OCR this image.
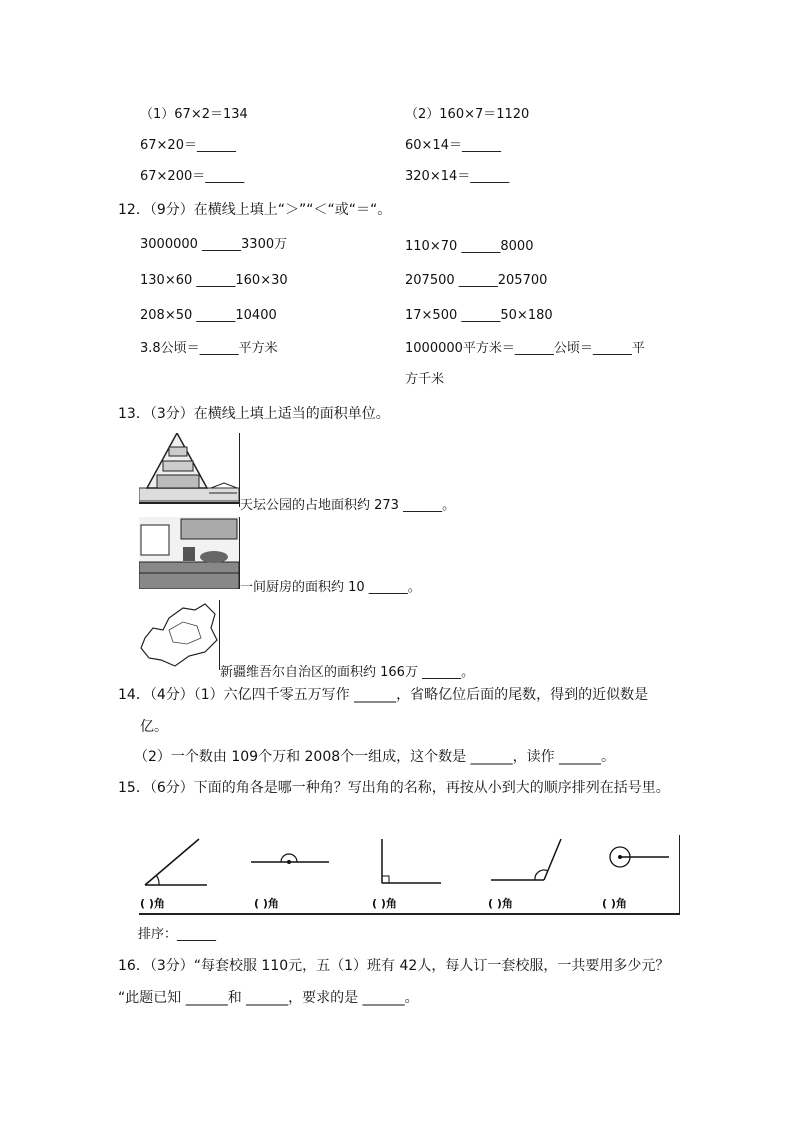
（1）67×2＝134
67×20＝______
67×200＝______
（2）160×7＝1120
60×14＝______
320×14＝______
12．（9分）在横线上填上“＞”“＜“或“＝“。
3000000 ______3300万	110×70 ______8000
130×60 ______160×30	207500 ______205700
208×50 ______10400	17×500 ______50×180
3.8公顷＝______平方米	1000000平方米＝______公顷＝______平
方千米
13．（3分）在横线上填上适当的面积单位。
天坛公园的占地面积约 273 ______。
一间厨房的面积约 10 ______。
新疆维吾尔自治区的面积约 166万 ______。
14．（4分）（1）六亿四千零五万写作 ______，省略亿位后面的尾数，得到的近似数是
亿。
（2）一个数由 109个万和 2008个一组成，这个数是 ______，读作 ______。
15．（6分）下面的角各是哪一种角？写出角的名称，再按从小到大的顺序排列在括号里。
( )角	( )角	( )角	( )角	( )角
排序：______
16．（3分）“每套校服 110元，五（1）班有 42人，每人订一套校服，一共要用多少元？
“此题已知 ______和 ______，要求的是 ______。
